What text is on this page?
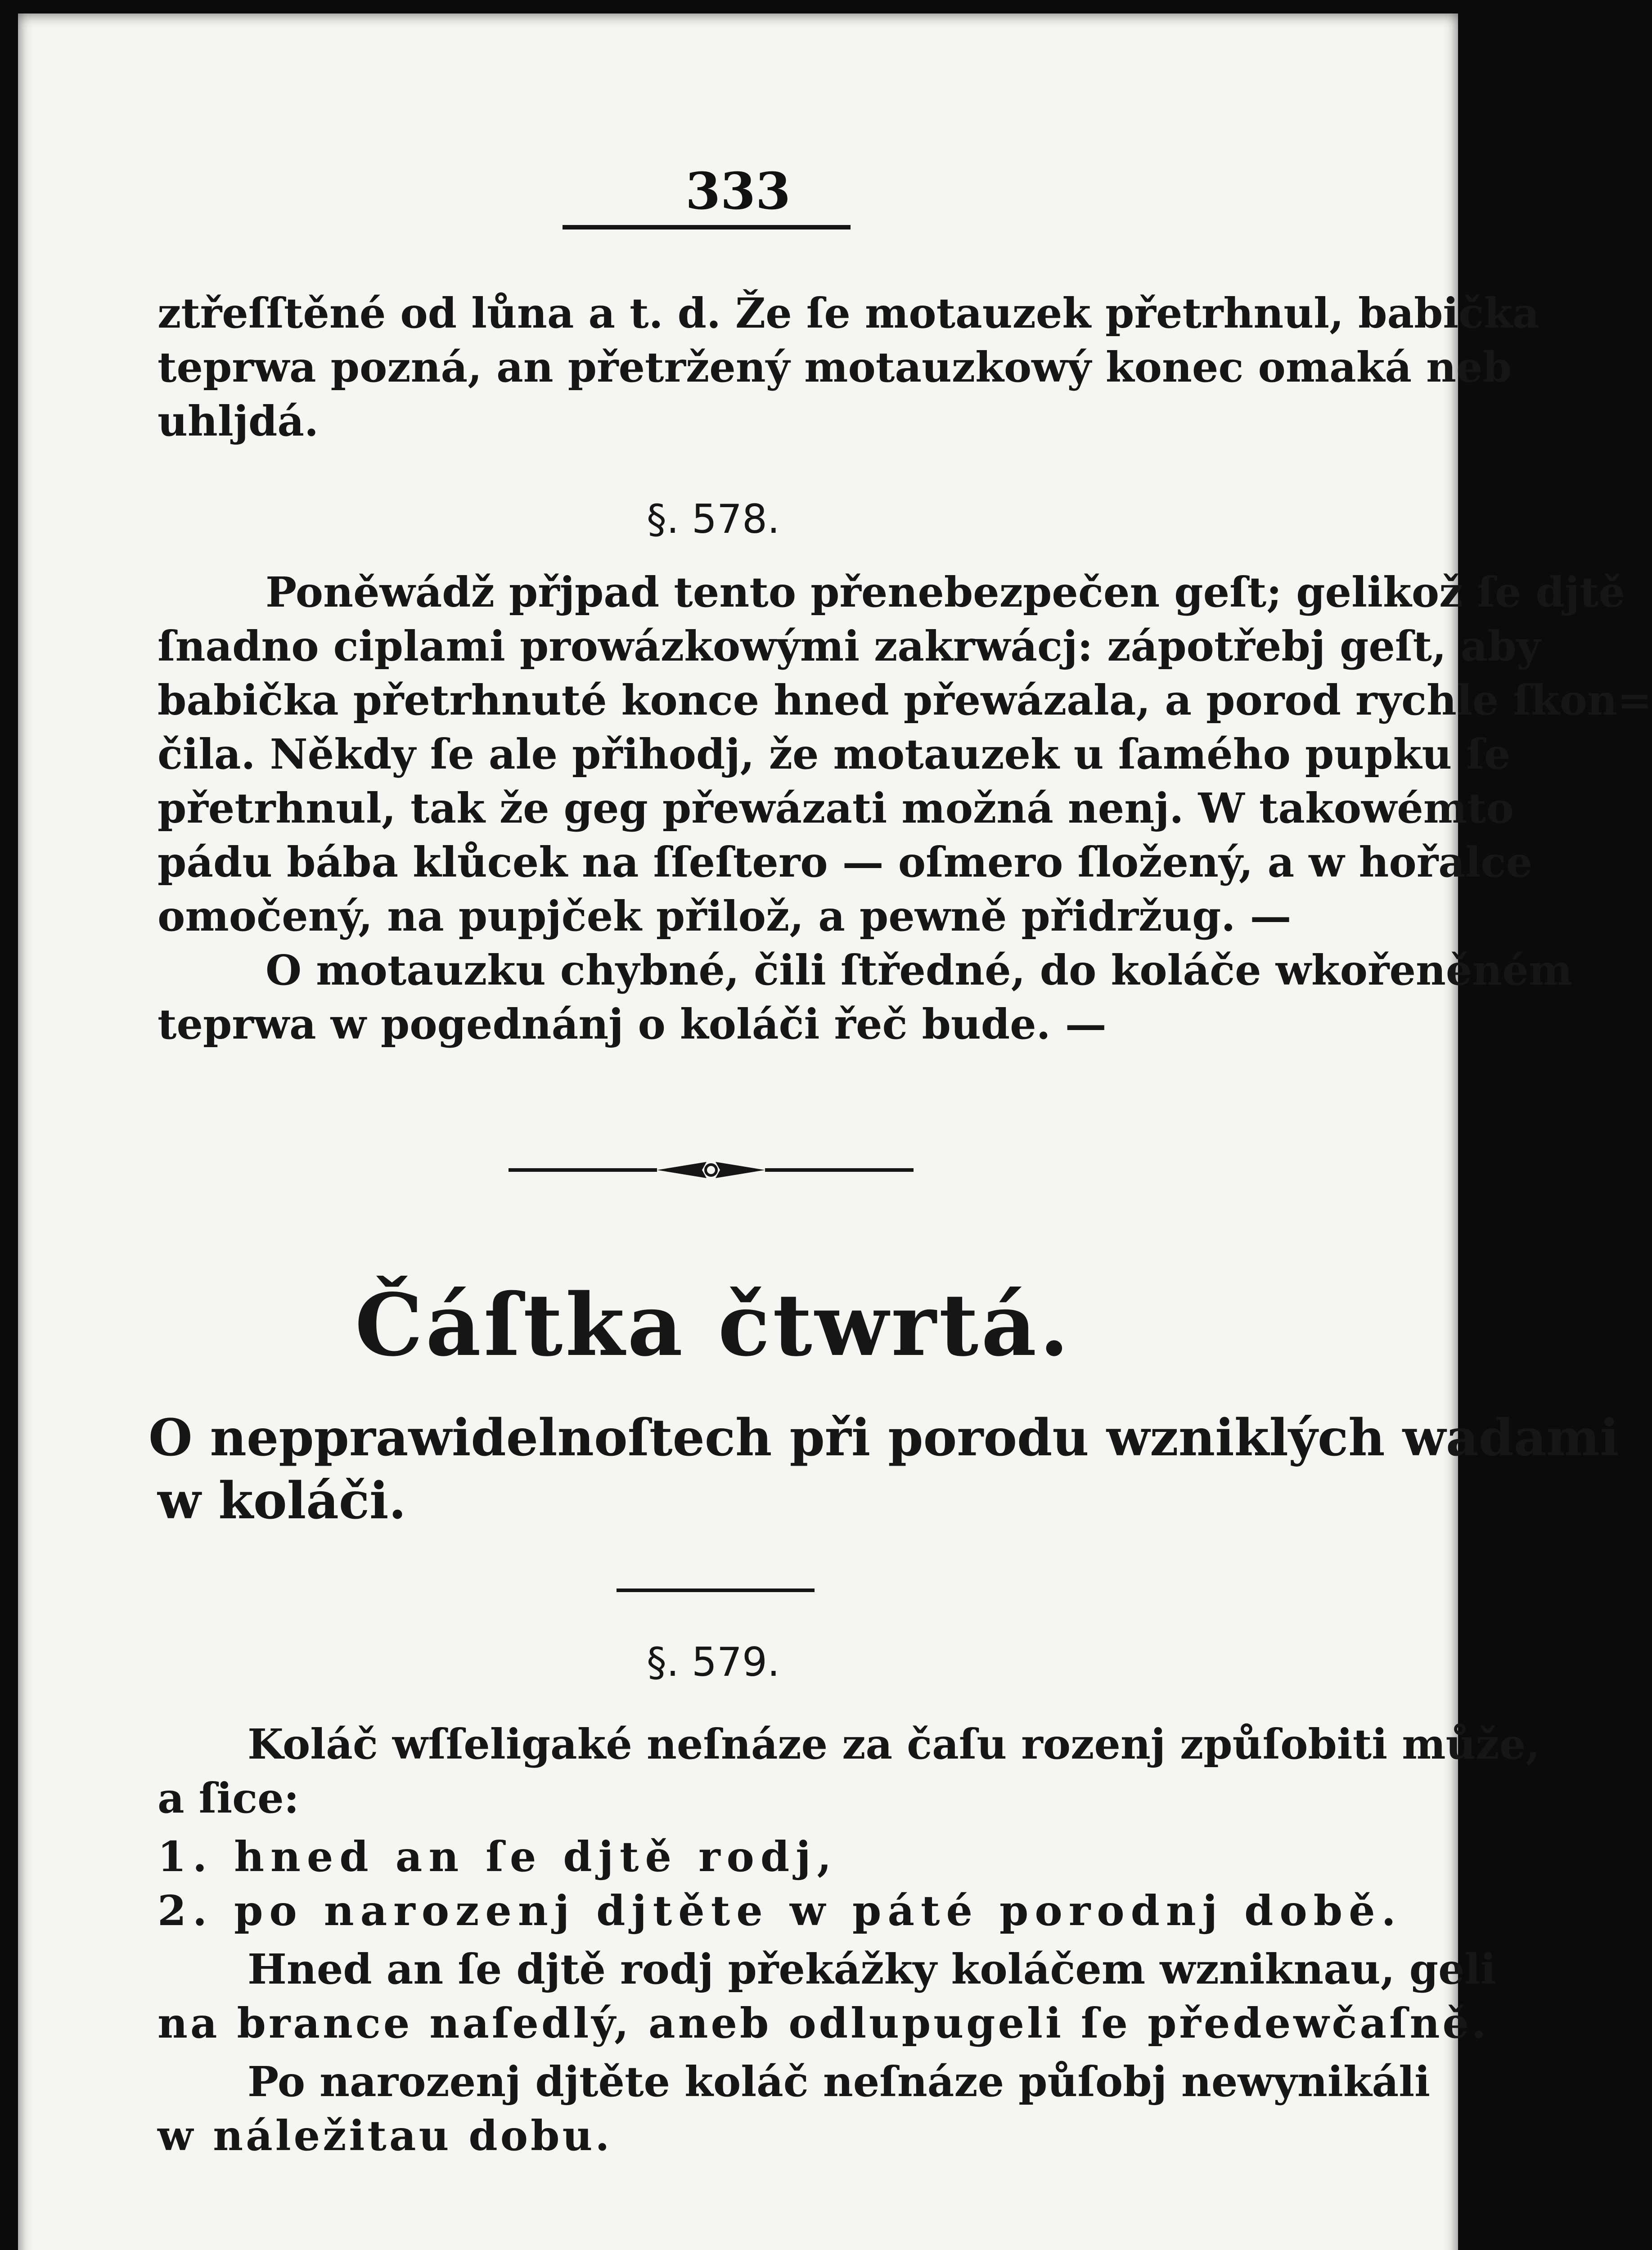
333
ztřeſſtěné od lůna a t. d. Že ſe motauzek přetrhnul, babička
teprwa pozná, an přetržený motauzkowý konec omaká neb
uhljdá.
§. 578.
Poněwádž přjpad tento přenebezpečen geſt; gelikož ſe djtě
ſnadno ciplami prowázkowými zakrwácj: zápotřebj geſt, aby
babička přetrhnuté konce hned přewázala, a porod rychle ſkon=
čila. Někdy ſe ale přihodj, že motauzek u ſamého pupku ſe
přetrhnul, tak že geg přewázati možná nenj. W takowémto
pádu bába klůcek na ſſeſtero — oſmero ſložený, a w hořalce
omočený, na pupjček přilož, a pewně přidržug. —
O motauzku chybné, čili ſtředné, do koláče wkořeněném
teprwa w pogednánj o koláči řeč bude. —
Čáſtka čtwrtá.
O nepprawidelnoſtech při porodu wzniklých wadami
w koláči.
§. 579.
Koláč wſſeligaké neſnáze za čaſu rozenj způſobiti může,
a ſice:
1. hned an ſe djtě rodj,
2. po narozenj djtěte w páté porodnj době.
Hned an ſe djtě rodj překážky koláčem wzniknau, geli
na brance naſedlý, aneb odlupugeli ſe předewčaſně.
Po narozenj djtěte koláč neſnáze půſobj newynikáli
w náležitau dobu.
